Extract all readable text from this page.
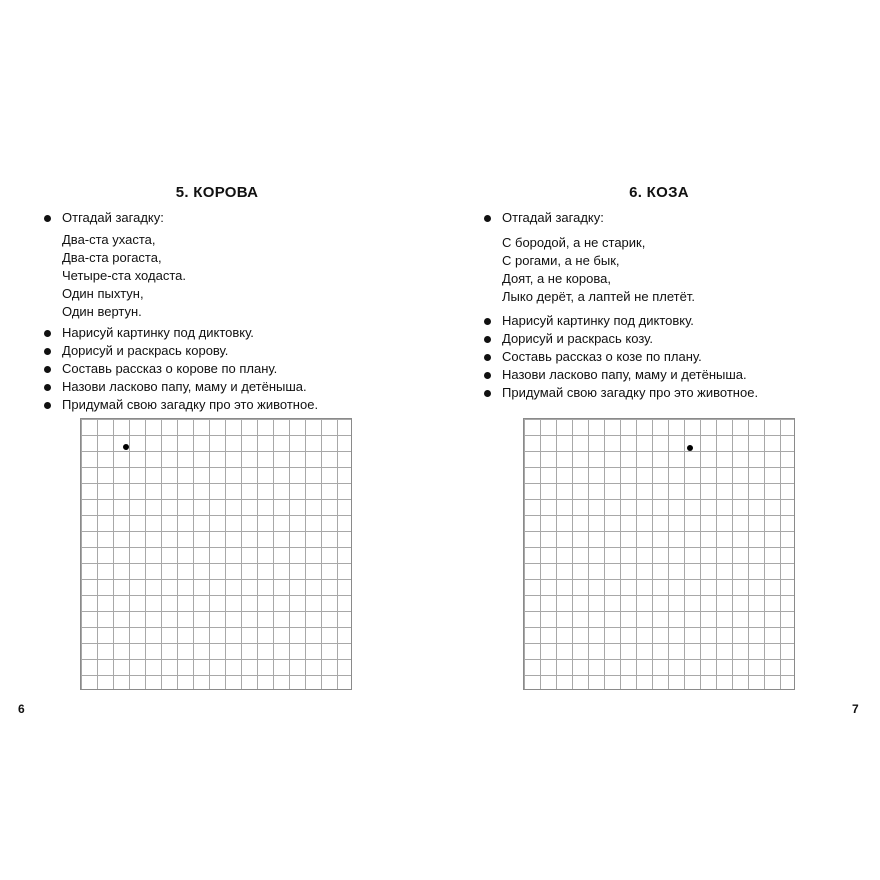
5. КОРОВА
Отгадай загадку:
Два-ста ухаста,
Два-ста рогаста,
Четыре-ста ходаста.
Один пыхтун,
Один вертун.
Нарисуй картинку под диктовку.
Дорисуй и раскрась корову.
Составь рассказ о корове по плану.
Назови ласково папу, маму и детёныша.
Придумай свою загадку про это животное.

6

6. КОЗА
Отгадай загадку:
С бородой, а не старик,
С рогами, а не бык,
Доят, а не корова,
Лыко дерёт, а лаптей не плетёт.
Нарисуй картинку под диктовку.
Дорисуй и раскрась козу.
Составь рассказ о козе по плану.
Назови ласково папу, маму и детёныша.
Придумай свою загадку про это животное.

7
